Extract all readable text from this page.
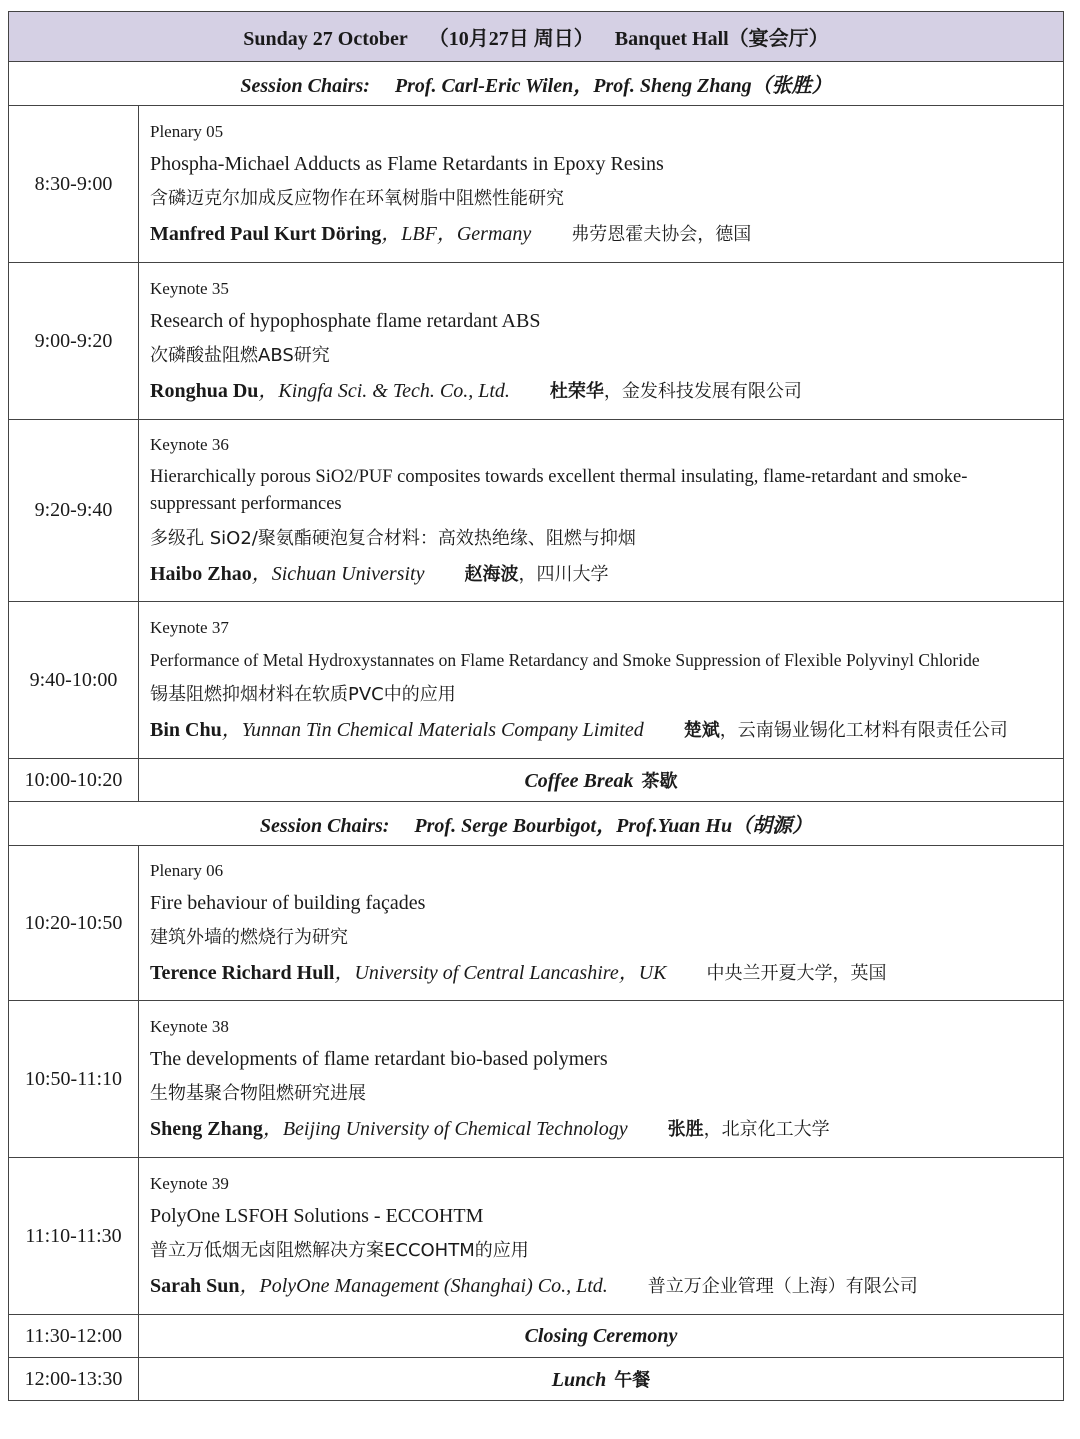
Sunday 27 October （10月27日 周日） Banquet Hall（宴会厅）	
Session Chairs: Prof. Carl-Eric Wilen，Prof. Sheng Zhang（张胜）	
8:30-9:00	Plenary 05
Phospha-Michael Adducts as Flame Retardants in Epoxy Resins
含磷迈克尔加成反应物作在环氧树脂中阻燃性能研究
Manfred Paul Kurt Döring，LBF，Germany 弗劳恩霍夫协会，德国

9:00-9:20	Keynote 35
Research of hypophosphate flame retardant ABS
次磷酸盐阻燃ABS研究
Ronghua Du，Kingfa Sci. & Tech. Co., Ltd. 杜荣华，金发科技发展有限公司

9:20-9:40	Keynote 36
Hierarchically porous SiO2/PUF composites towards excellent thermal insulating, flame-retardant and smoke-suppressant performances
多级孔 SiO2/聚氨酯硬泡复合材料：高效热绝缘、阻燃与抑烟
Haibo Zhao，Sichuan University 赵海波，四川大学

9:40-10:00	Keynote 37
Performance of Metal Hydroxystannates on Flame Retardancy and Smoke Suppression of Flexible Polyvinyl Chloride
锡基阻燃抑烟材料在软质PVC中的应用
Bin Chu，Yunnan Tin Chemical Materials Company Limited 楚斌，云南锡业锡化工材料有限责任公司

10:00-10:20	Coffee Break 茶歇
Session Chairs: Prof. Serge Bourbigot，Prof.Yuan Hu（胡源）	
10:20-10:50	Plenary 06
Fire behaviour of building façades
建筑外墙的燃烧行为研究
Terence Richard Hull，University of Central Lancashire，UK 中央兰开夏大学，英国

10:50-11:10	Keynote 38
The developments of flame retardant bio-based polymers
生物基聚合物阻燃研究进展
Sheng Zhang，Beijing University of Chemical Technology 张胜，北京化工大学

11:10-11:30	Keynote 39
PolyOne LSFOH Solutions - ECCOHTM
普立万低烟无卤阻燃解决方案ECCOHTM的应用
Sarah Sun，PolyOne Management (Shanghai) Co., Ltd. 普立万企业管理（上海）有限公司

11:30-12:00	Closing Ceremony
12:00-13:30	Lunch 午餐
